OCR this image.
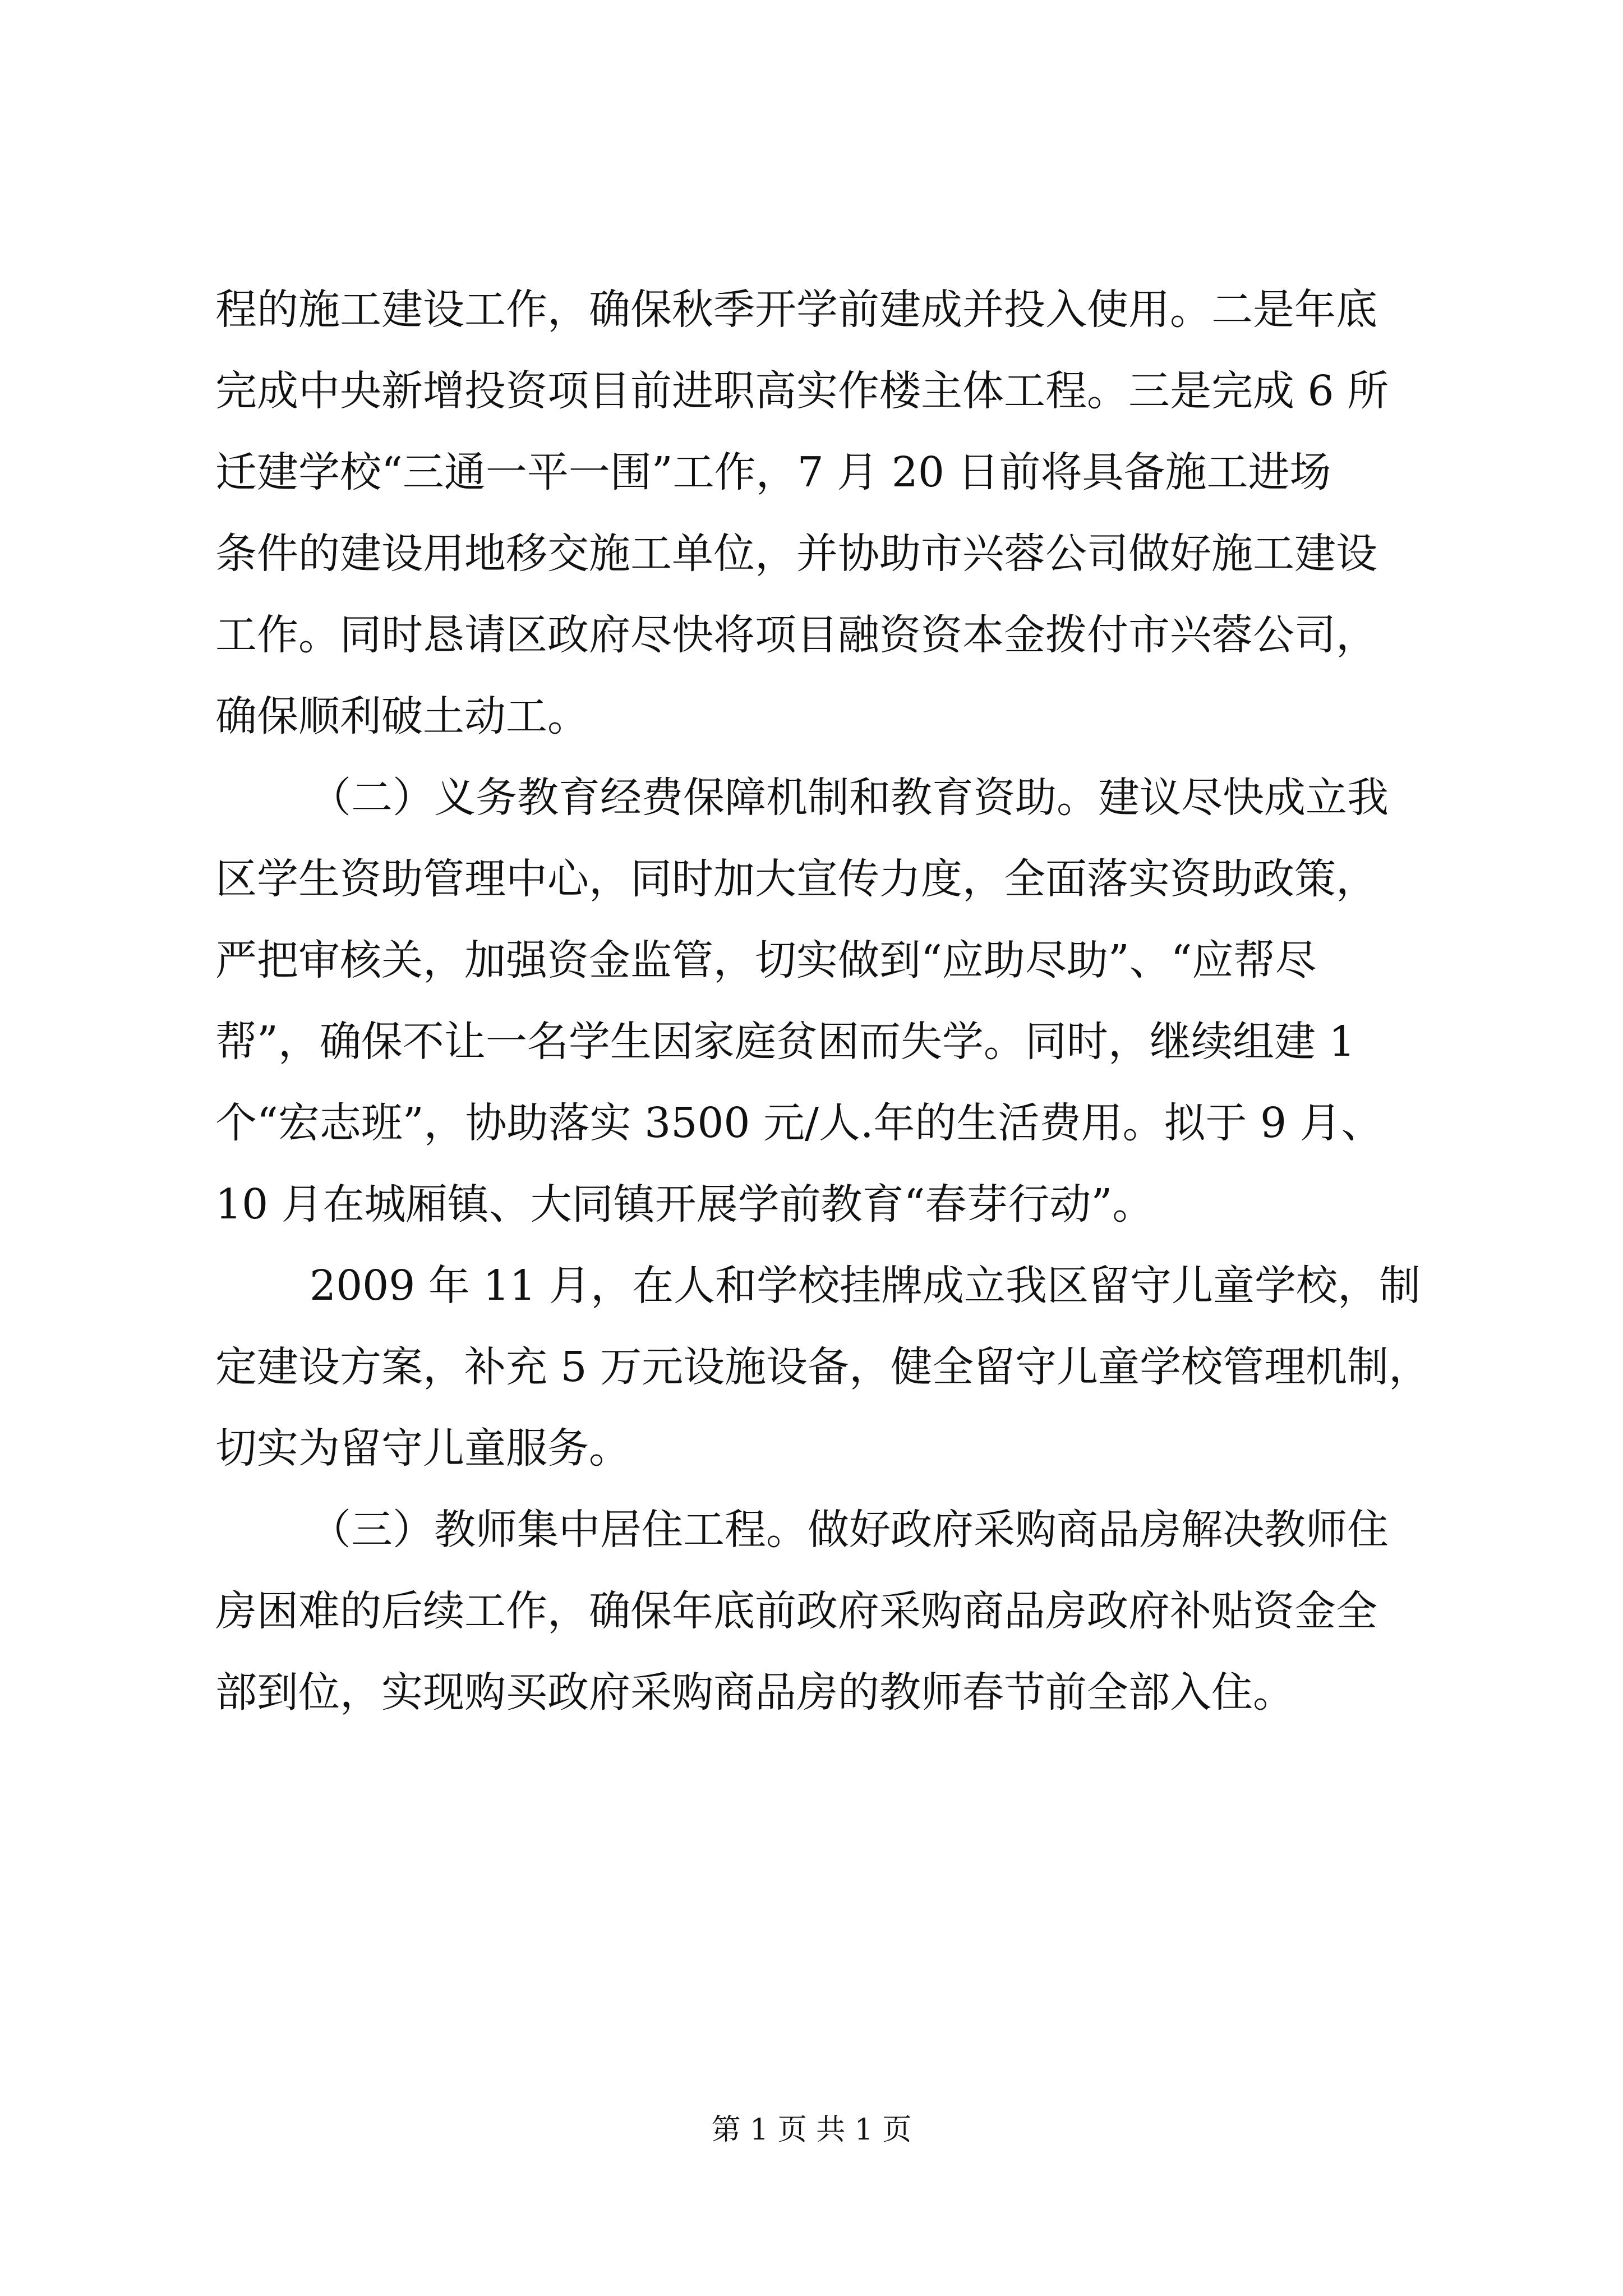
程的施工建设工作，确保秋季开学前建成并投入使用。二是年底
完成中央新增投资项目前进职高实作楼主体工程。三是完成 6 所
迁建学校“三通一平一围”工作，7 月 20 日前将具备施工进场
条件的建设用地移交施工单位，并协助市兴蓉公司做好施工建设
工作。同时恳请区政府尽快将项目融资资本金拨付市兴蓉公司，
确保顺利破土动工。
（二）义务教育经费保障机制和教育资助。建议尽快成立我
区学生资助管理中心，同时加大宣传力度，全面落实资助政策，
严把审核关，加强资金监管，切实做到“应助尽助”、“应帮尽
帮”，确保不让一名学生因家庭贫困而失学。同时，继续组建 1
个“宏志班”，协助落实 3500 元/人.年的生活费用。拟于 9 月、
10 月在城厢镇、大同镇开展学前教育“春芽行动”。
2009 年 11 月，在人和学校挂牌成立我区留守儿童学校，制
定建设方案，补充 5 万元设施设备，健全留守儿童学校管理机制，
切实为留守儿童服务。
（三）教师集中居住工程。做好政府采购商品房解决教师住
房困难的后续工作，确保年底前政府采购商品房政府补贴资金全
部到位，实现购买政府采购商品房的教师春节前全部入住。
第 1 页 共 1 页
